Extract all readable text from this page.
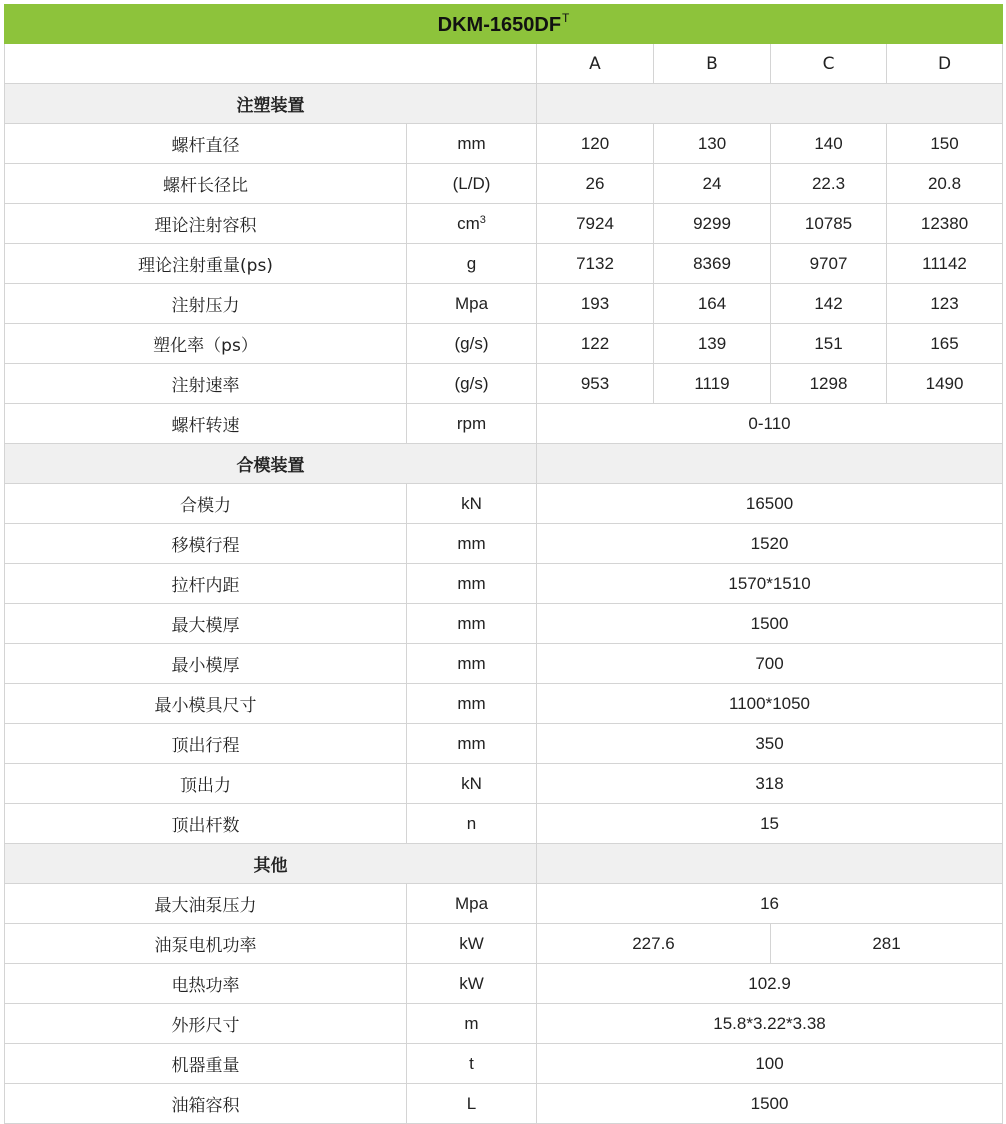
DKM-$1650DF^T$
		A	B	C	D
注塑装置					
螺杆直径	mm	120	130	140	150
螺杆长径比	(L/D)	26	24	22.3	20.8
理论注射容积	$cm^3$	7924	9299	10785	12380
理论注射重量(ps)	g	7132	8369	9707	11142
注射压力	Mpa	193	164	142	123
塑化率（ps）	(g/s)	122	139	151	165
注射速率	(g/s)	953	1119	1298	1490
螺杆转速	rpm	0-110			
合模装置					
合模力	kN	16500			
移模行程	mm	1520			
拉杆内距	mm	1570*1510			
最大模厚	mm	1500			
最小模厚	mm	700			
最小模具尺寸	mm	1100*1050			
顶出行程	mm	350			
顶出力	kN	318			
顶出杆数	n	15			
其他					
最大油泵压力	Mpa	16			
油泵电机功率	kW	227.6		281	
电热功率	kW	102.9			
外形尺寸	m	15.8*3.22*3.38			
机器重量	t	100			
油箱容积	L	1500			
